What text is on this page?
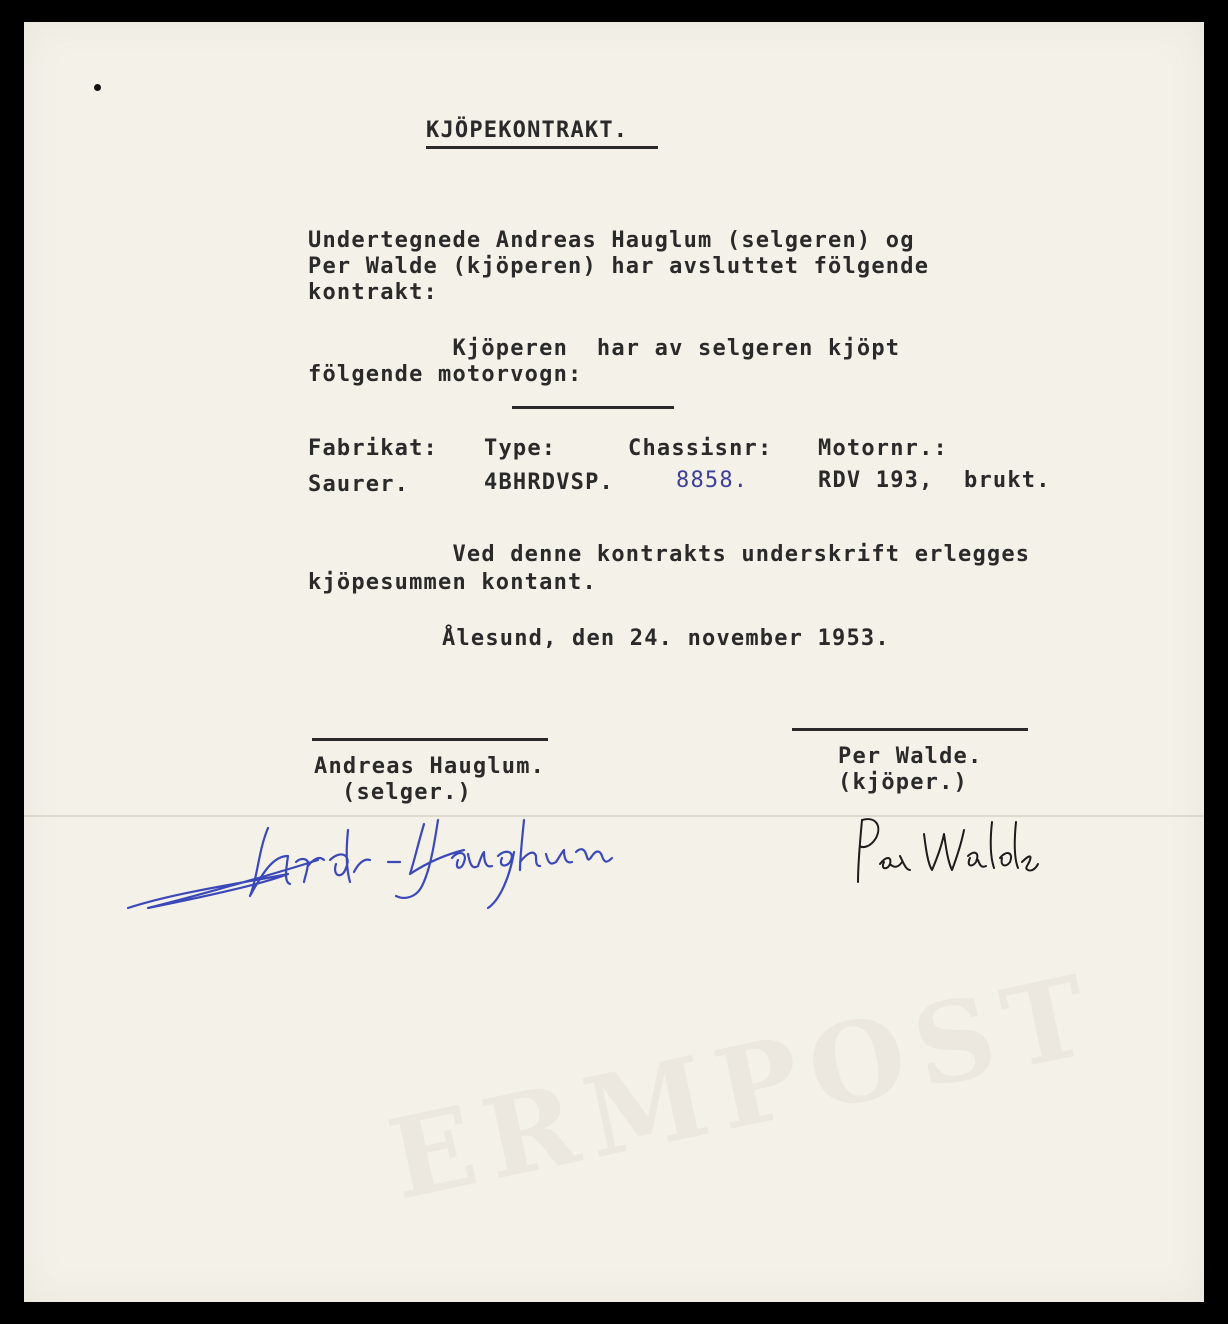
ERMPOST
KJÖPEKONTRAKT.
Undertegnede Andreas Hauglum (selgeren) og
Per Walde (kjöperen) har avsluttet fölgende
kontrakt:
Kjöperen  har av selgeren kjöpt
fölgende motorvogn:
Fabrikat: Type:	Chassisnr: Motornr.:
Saurer.	4BHRDVSP.	8858.	RDV 193, brukt.
Ved denne kontrakts underskrift erlegges
kjöpesummen kontant.
Ålesund, den 24. november 1953.
Andreas Hauglum.
(selger.)
Per Walde.
(kjöper.)
